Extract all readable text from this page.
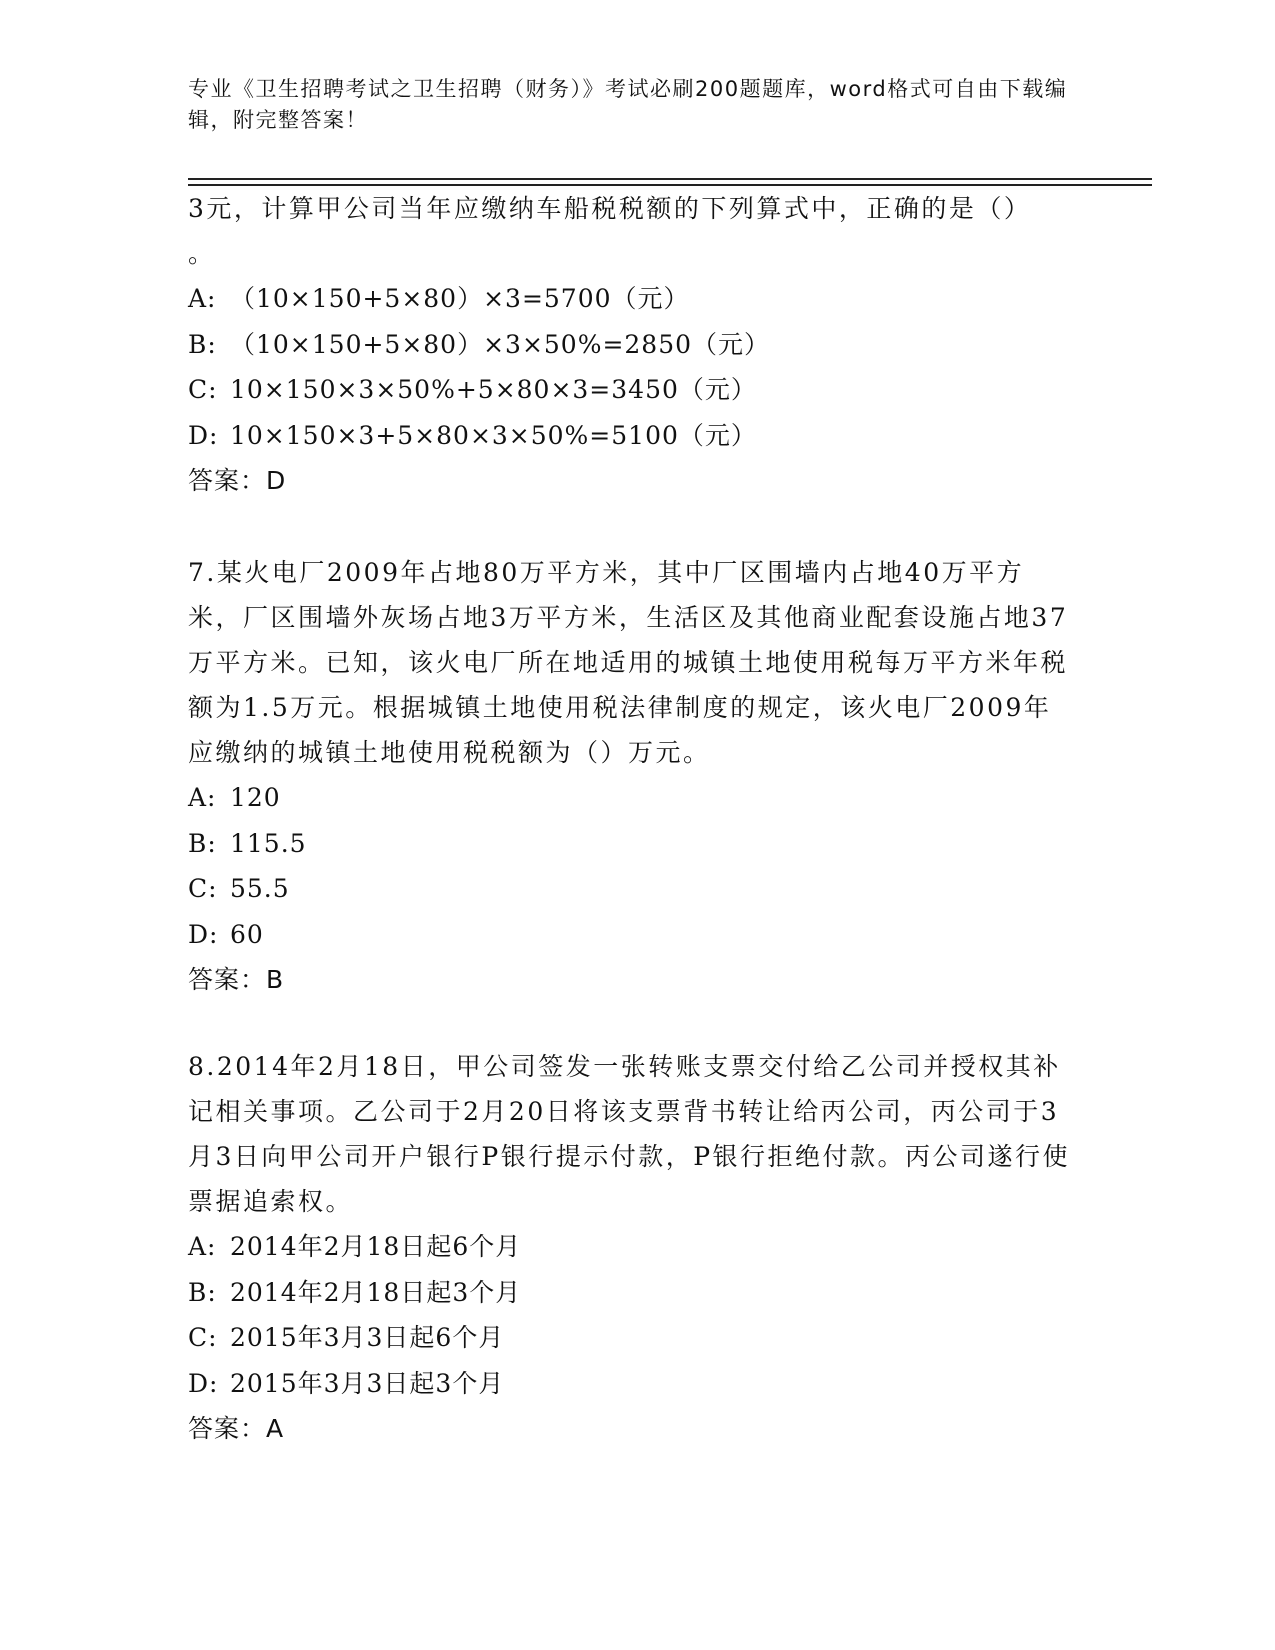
专业《卫生招聘考试之卫生招聘（财务）》考试必刷200题题库，word格式可自由下载编辑，附完整答案！

3元，计算甲公司当年应缴纳车船税税额的下列算式中，正确的是（）

。

A: （10×150+5×80）×3=5700（元）

B: （10×150+5×80）×3×50%=2850（元）

C: 10×150×3×50%+5×80×3=3450（元）

D: 10×150×3+5×80×3×50%=5100（元）

答案：D

7.某火电厂2009年占地80万平方米，其中厂区围墙内占地40万平方米，厂区围墙外灰场占地3万平方米，生活区及其他商业配套设施占地37万平方米。已知，该火电厂所在地适用的城镇土地使用税每万平方米年税额为1.5万元。根据城镇土地使用税法律制度的规定，该火电厂2009年应缴纳的城镇土地使用税税额为（）万元。

A: 120

B: 115.5

C: 55.5

D: 60

答案：B

8.2014年2月18日，甲公司签发一张转账支票交付给乙公司并授权其补记相关事项。乙公司于2月20日将该支票背书转让给丙公司，丙公司于3月3日向甲公司开户银行P银行提示付款，P银行拒绝付款。丙公司遂行使票据追索权。

A: 2014年2月18日起6个月

B: 2014年2月18日起3个月

C: 2015年3月3日起6个月

D: 2015年3月3日起3个月

答案：A
